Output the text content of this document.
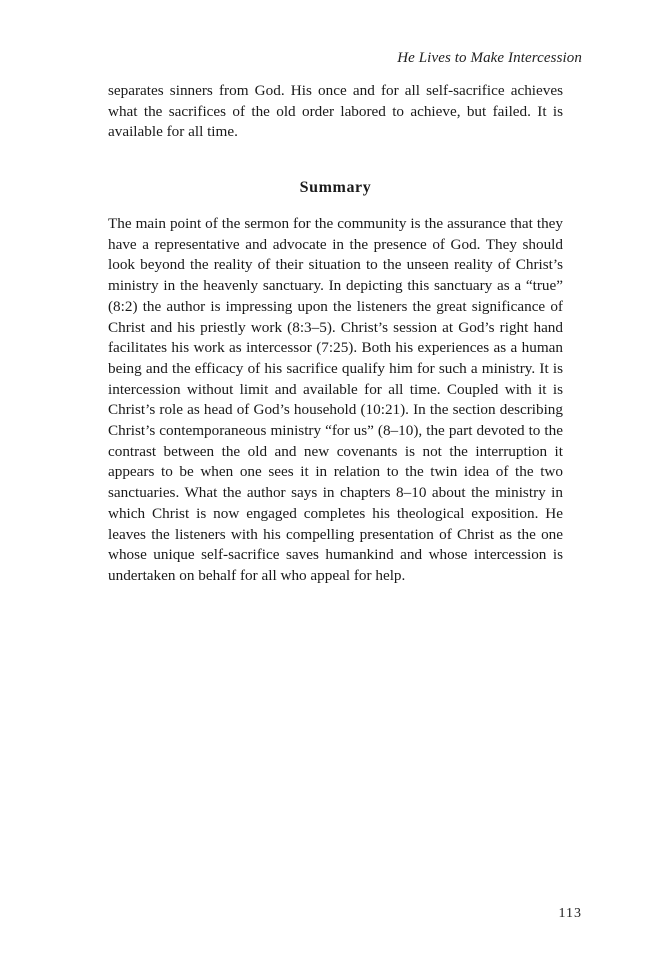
He Lives to Make Intercession

separates sinners from God. His once and for all self-sacrifice achieves what the sacrifices of the old order labored to achieve, but failed. It is available for all time.

Summary

The main point of the sermon for the community is the assurance that they have a representative and advocate in the presence of God. They should look beyond the reality of their situation to the unseen reality of Christ’s ministry in the heavenly sanctuary. In depicting this sanctuary as a “true” (8:2) the author is impressing upon the listeners the great significance of Christ and his priestly work (8:3–5). Christ’s session at God’s right hand facilitates his work as intercessor (7:25). Both his experiences as a human being and the efficacy of his sacrifice qualify him for such a ministry. It is intercession without limit and available for all time. Coupled with it is Christ’s role as head of God’s household (10:21). In the section describing Christ’s contemporaneous ministry “for us” (8–10), the part devoted to the contrast between the old and new covenants is not the interruption it appears to be when one sees it in relation to the twin idea of the two sanctuaries. What the author says in chapters 8–10 about the ministry in which Christ is now engaged completes his theological exposition. He leaves the listeners with his compelling presentation of Christ as the one whose unique self-sacrifice saves humankind and whose intercession is undertaken on behalf for all who appeal for help.

113
